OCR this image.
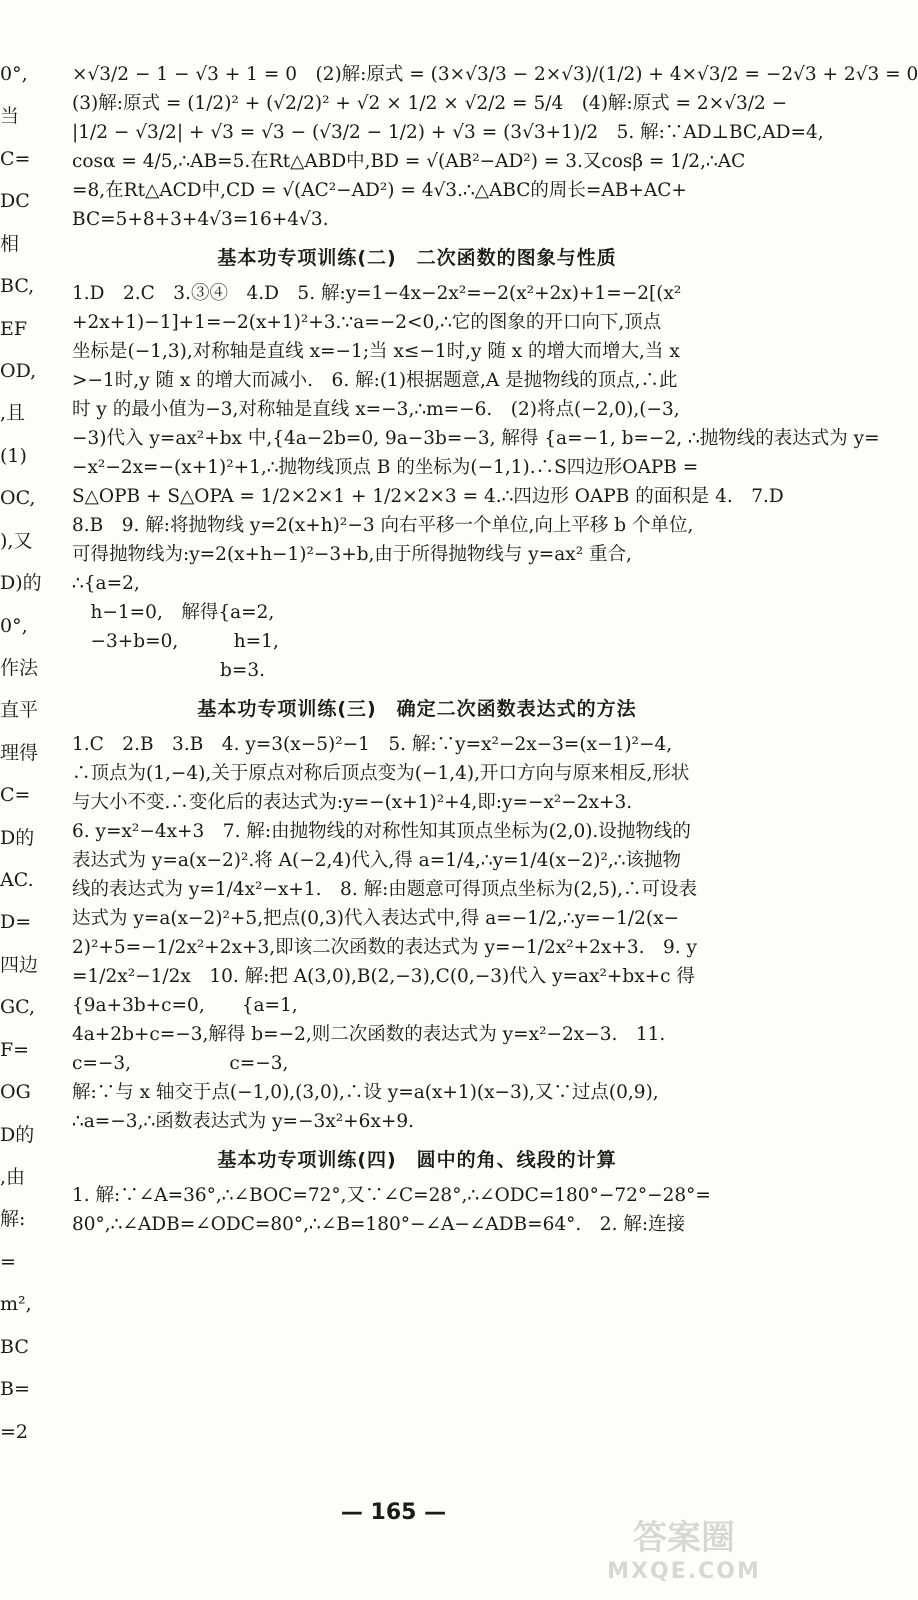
0°,
当
C=
DC
相
BC,
EF
OD,
,且
(1)
OC,
),又
D)的
0°,
作法
直平
理得
C=
D的
AC.
D=
四边
GC,
F=
OG
D的
,由
解:
=
m²,
BC
B=
=2
×√3/2 − 1 − √3 + 1 = 0　(2)解:原式 = (3×√3/3 − 2×√3)/(1/2) + 4×√3/2 = −2√3 + 2√3 = 0
(3)解:原式 = (1/2)² + (√2/2)² + √2 × 1/2 × √2/2 = 5/4　(4)解:原式 = 2×√3/2 −
|1/2 − √3/2| + √3 = √3 − (√3/2 − 1/2) + √3 = (3√3+1)/2　5. 解:∵AD⊥BC,AD=4,
cosα = 4/5,∴AB=5.在Rt△ABD中,BD = √(AB²−AD²) = 3.又cosβ = 1/2,∴AC
=8,在Rt△ACD中,CD = √(AC²−AD²) = 4√3.∴△ABC的周长=AB+AC+
BC=5+8+3+4√3=16+4√3.
基本功专项训练(二)　二次函数的图象与性质
1.D　2.C　3.③④　4.D　5. 解:y=1−4x−2x²=−2(x²+2x)+1=−2[(x²
+2x+1)−1]+1=−2(x+1)²+3.∵a=−2<0,∴它的图象的开口向下,顶点
坐标是(−1,3),对称轴是直线 x=−1;当 x≤−1时,y 随 x 的增大而增大,当 x
>−1时,y 随 x 的增大而减小.　6. 解:(1)根据题意,A 是抛物线的顶点,∴此
时 y 的最小值为−3,对称轴是直线 x=−3,∴m=−6.　(2)将点(−2,0),(−3,
−3)代入 y=ax²+bx 中,{4a−2b=0, 9a−3b=−3, 解得 {a=−1, b=−2, ∴抛物线的表达式为 y=
−x²−2x=−(x+1)²+1,∴抛物线顶点 B 的坐标为(−1,1).∴S四边形OAPB =
S△OPB + S△OPA = 1/2×2×1 + 1/2×2×3 = 4.∴四边形 OAPB 的面积是 4.　7.D
8.B　9. 解:将抛物线 y=2(x+h)²−3 向右平移一个单位,向上平移 b 个单位,
可得抛物线为:y=2(x+h−1)²−3+b,由于所得抛物线与 y=ax² 重合,
∴{a=2,
　h−1=0,　解得{a=2,
　−3+b=0,　　　h=1,
　　　　　　　　b=3.
基本功专项训练(三)　确定二次函数表达式的方法
1.C　2.B　3.B　4. y=3(x−5)²−1　5. 解:∵y=x²−2x−3=(x−1)²−4,
∴顶点为(1,−4),关于原点对称后顶点变为(−1,4),开口方向与原来相反,形状
与大小不变.∴变化后的表达式为:y=−(x+1)²+4,即:y=−x²−2x+3.
6. y=x²−4x+3　7. 解:由抛物线的对称性知其顶点坐标为(2,0).设抛物线的
表达式为 y=a(x−2)².将 A(−2,4)代入,得 a=1/4,∴y=1/4(x−2)²,∴该抛物
线的表达式为 y=1/4x²−x+1.　8. 解:由题意可得顶点坐标为(2,5),∴可设表
达式为 y=a(x−2)²+5,把点(0,3)代入表达式中,得 a=−1/2,∴y=−1/2(x−
2)²+5=−1/2x²+2x+3,即该二次函数的表达式为 y=−1/2x²+2x+3.　9. y
=1/2x²−1/2x　10. 解:把 A(3,0),B(2,−3),C(0,−3)代入 y=ax²+bx+c 得
{9a+3b+c=0,　　{a=1,
4a+2b+c=−3,解得 b=−2,则二次函数的表达式为 y=x²−2x−3.　11.
c=−3,　　　　　 c=−3,
解:∵与 x 轴交于点(−1,0),(3,0),∴设 y=a(x+1)(x−3),又∵过点(0,9),
∴a=−3,∴函数表达式为 y=−3x²+6x+9.
基本功专项训练(四)　圆中的角、线段的计算
1. 解:∵∠A=36°,∴∠BOC=72°,又∵∠C=28°,∴∠ODC=180°−72°−28°=
80°,∴∠ADB=∠ODC=80°,∴∠B=180°−∠A−∠ADB=64°.　2. 解:连接
— 165 —
答案圈
MXQE.COM
